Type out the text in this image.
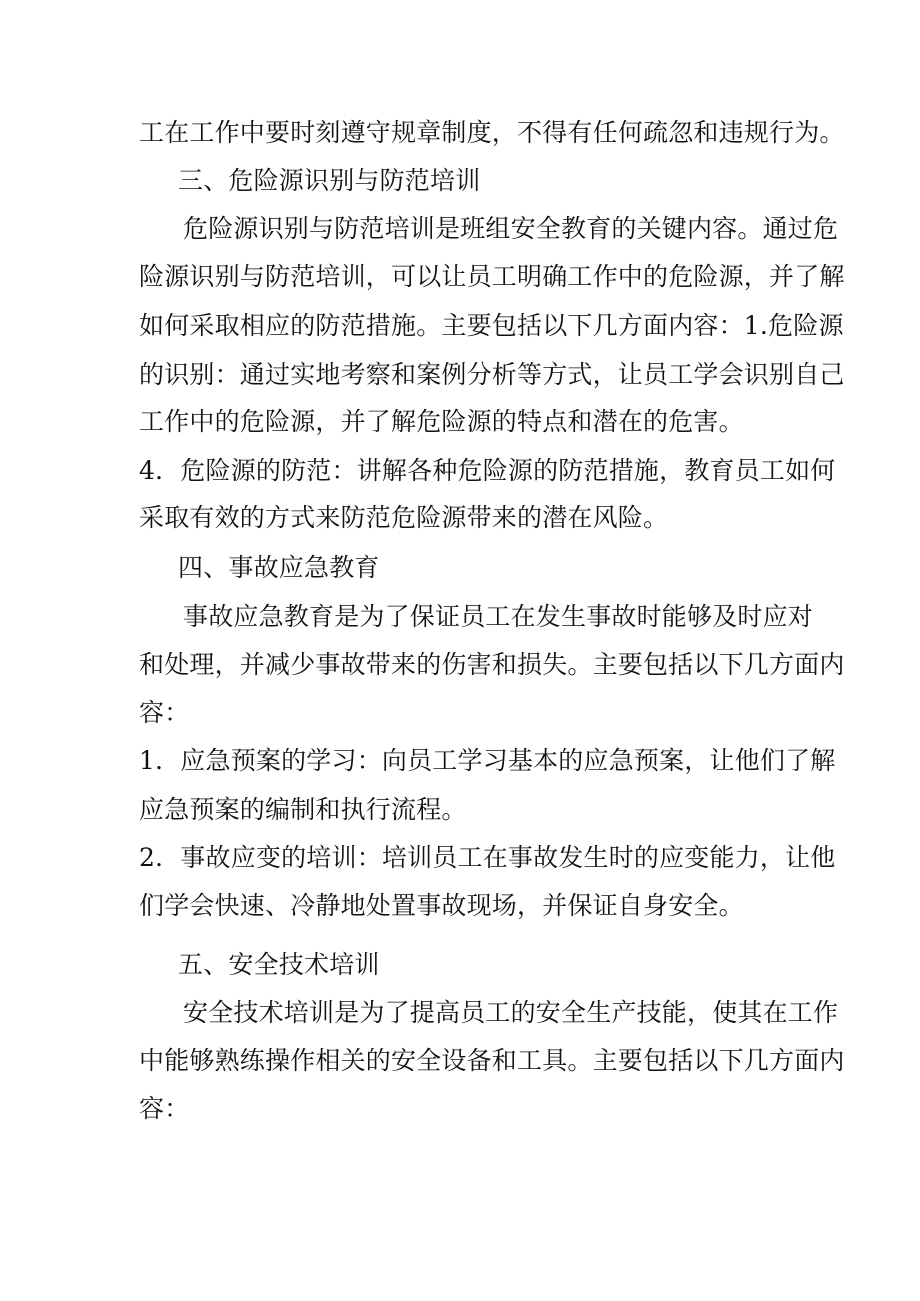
工在工作中要时刻遵守规章制度，不得有任何疏忽和违规行为。
三、危险源识别与防范培训
危险源识别与防范培训是班组安全教育的关键内容。通过危
险源识别与防范培训，可以让员工明确工作中的危险源，并了解
如何采取相应的防范措施。主要包括以下几方面内容：1.危险源
的识别：通过实地考察和案例分析等方式，让员工学会识别自己
工作中的危险源，并了解危险源的特点和潜在的危害。
4．危险源的防范：讲解各种危险源的防范措施，教育员工如何
采取有效的方式来防范危险源带来的潜在风险。
四、事故应急教育
事故应急教育是为了保证员工在发生事故时能够及时应对
和处理，并减少事故带来的伤害和损失。主要包括以下几方面内
容：
1．应急预案的学习：向员工学习基本的应急预案，让他们了解
应急预案的编制和执行流程。
2．事故应变的培训：培训员工在事故发生时的应变能力，让他
们学会快速、冷静地处置事故现场，并保证自身安全。
五、安全技术培训
安全技术培训是为了提高员工的安全生产技能，使其在工作
中能够熟练操作相关的安全设备和工具。主要包括以下几方面内
容：
